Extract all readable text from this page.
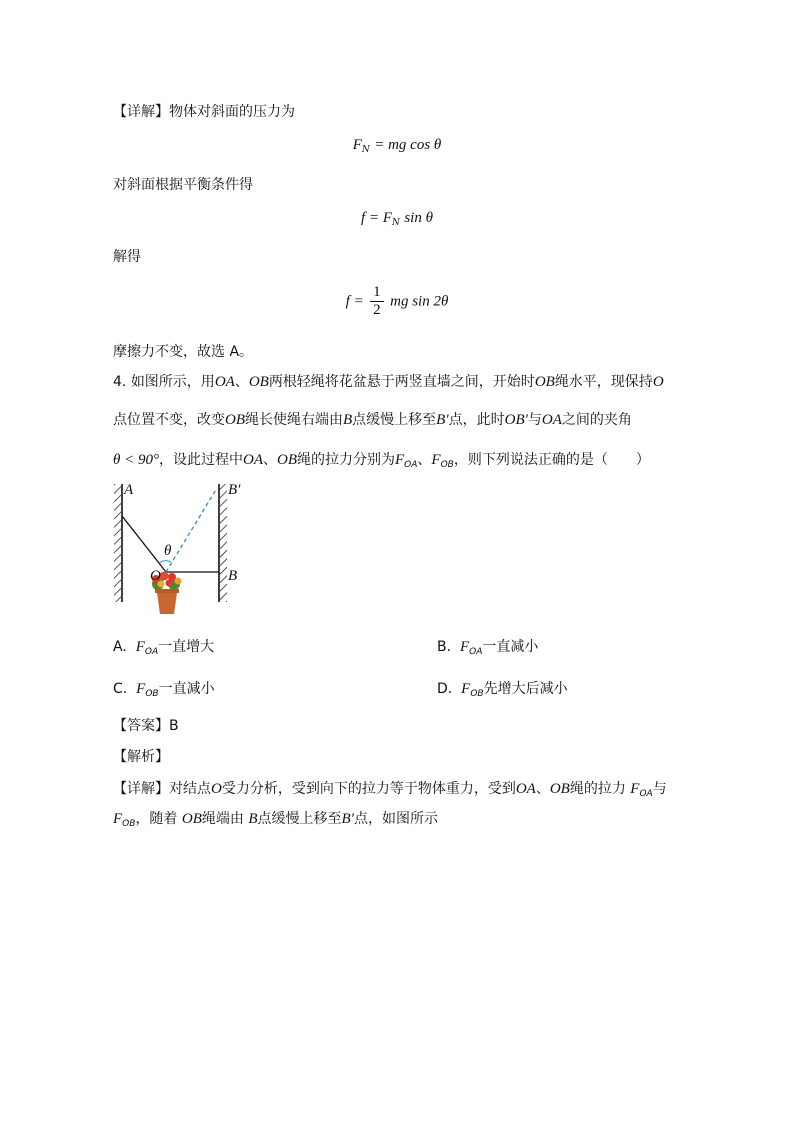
【详解】物体对斜面的压力为
$F_N$ = mg cos θ
对斜面根据平衡条件得
$f = F_N$ sin θ
解得
$f = \frac{1}{2}$ mg sin 2θ
摩擦力不变，故选 A。
4. 如图所示，用OA、OB两根轻绳将花盆悬于两竖直墙之间，开始时OB绳水平，现保持O
点位置不变，改变OB绳长使绳右端由B点缓慢上移至B′点，此时OB′与OA之间的夹角
θ < 90°，设此过程中OA、OB绳的拉力分别为$F_{OA}$、$F_{OB}$，则下列说法正确的是（　　）
A	B′
θ
O	B
A. $F_{OA}$一直增大	B. $F_{OA}$一直减小
C. $F_{OB}$一直减小	D. $F_{OB}$先增大后减小
【答案】B
【解析】
【详解】对结点O受力分析，受到向下的拉力等于物体重力，受到OA、OB绳的拉力 $F_{OA}$与
$F_{OB}$，随着 OB绳端由 B点缓慢上移至B′点，如图所示
